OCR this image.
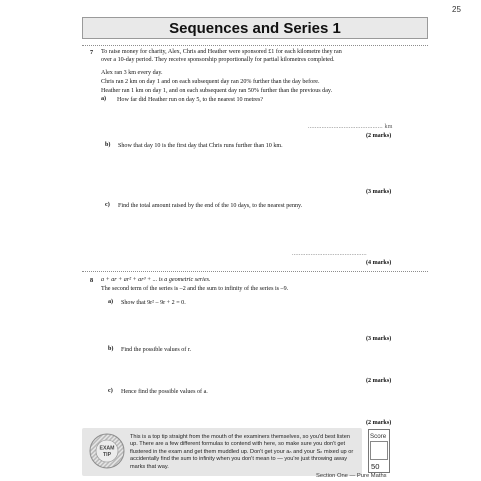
25
Sequences and Series 1
7 To raise money for charity, Alex, Chris and Heather were sponsored £1 for each kilometre they ran
over a 10-day period. They receive sponsorship proportionally for partial kilometres completed.
Alex ran 3 km every day.
Chris ran 2 km on day 1 and on each subsequent day ran 20% further than the day before.
Heather ran 1 km on day 1, and on each subsequent day ran 50% further than the previous day.
a) How far did Heather run on day 5, to the nearest 10 metres?
............................................ km
(2 marks)
b) Show that day 10 is the first day that Chris runs further than 10 km.
(3 marks)
c) Find the total amount raised by the end of the 10 days, to the nearest penny.
............................................
(4 marks)
8 a + ar + ar² + ar³ + ... is a geometric series.
The second term of the series is –2 and the sum to infinity of the series is –9.
a) Show that 9r² – 9r + 2 = 0.
(3 marks)
b) Find the possible values of r.
(2 marks)
c) Hence find the possible values of a.
(2 marks)
EXAM
TIP
This is a top tip straight from the mouth of the examiners themselves, so you'd best listen up. There are a few different formulas to contend with here, so make sure you don't get flustered in the exam and get them muddled up. Don't get your aₙ and your Sₙ mixed up or accidentally find the sum to infinity when you don't mean to — you're just throwing away marks that way.
Score
50
Section One — Pure Maths
